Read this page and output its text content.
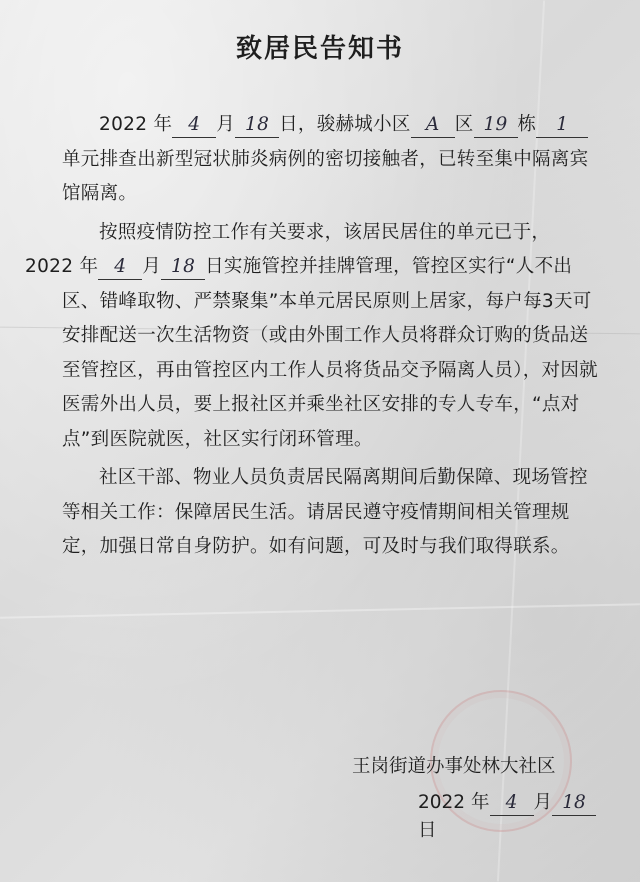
致居民告知书

2022 年 4 月 18 日，骏赫城小区 A 区 19 栋 1单元排查出新型冠状肺炎病例的密切接触者，已转至集中隔离宾馆隔离。

按照疫情防控工作有关要求，该居民居住的单元已于，
2022 年 4 月 18 日实施管控并挂牌管理，管控区实行“人不出区、错峰取物、严禁聚集”本单元居民原则上居家，每户每3天可安排配送一次生活物资（或由外围工作人员将群众订购的货品送至管控区，再由管控区内工作人员将货品交予隔离人员），对因就医需外出人员，要上报社区并乘坐社区安排的专人专车，“点对点”到医院就医，社区实行闭环管理。

社区干部、物业人员负责居民隔离期间后勤保障、现场管控等相关工作：保障居民生活。请居民遵守疫情期间相关管理规定，加强日常自身防护。如有问题，可及时与我们取得联系。

王岗街道办事处林大社区
2022 年 4 月 18日
